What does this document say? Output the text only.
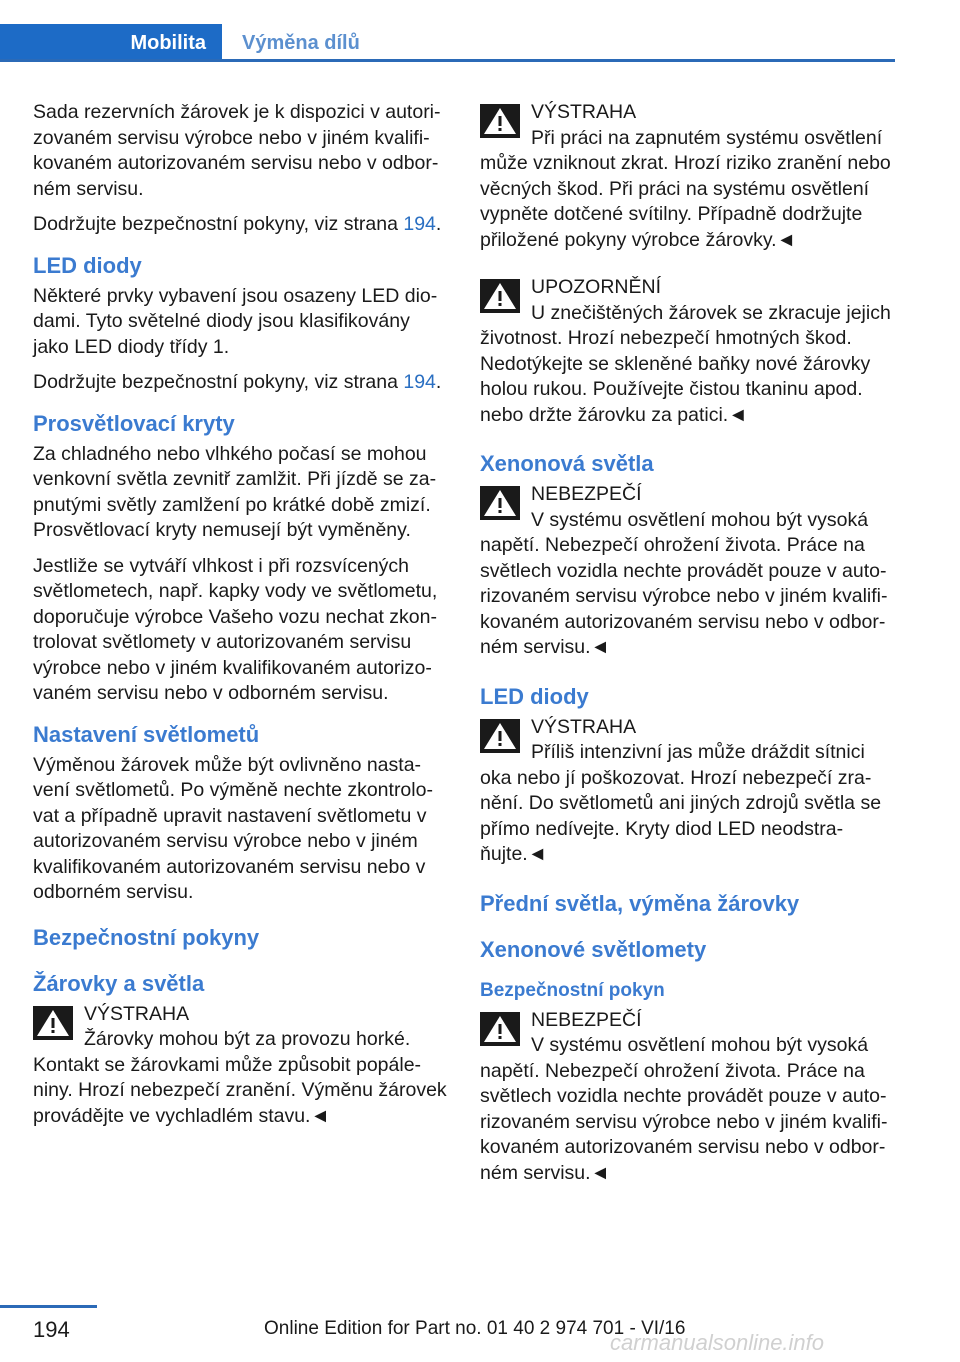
Mobilita Výměna dílů

Sada rezervních žárovek je k dispozici v autorizovaném servisu výrobce nebo v jiném kvalifikovaném autorizovaném servisu nebo v odborném servisu.

Dodržujte bezpečnostní pokyny, viz strana 194.

LED diody

Některé prvky vybavení jsou osazeny LED diodami. Tyto světelné diody jsou klasifikovány jako LED diody třídy 1.

Dodržujte bezpečnostní pokyny, viz strana 194.

Prosvětlovací kryty

Za chladného nebo vlhkého počasí se mohou venkovní světla zevnitř zamlžit. Při jízdě se zapnutými světly zamlžení po krátké době zmizí. Prosvětlovací kryty nemusejí být vyměněny.

Jestliže se vytváří vlhkost i při rozsvícených světlometech, např. kapky vody ve světlometu, doporučuje výrobce Vašeho vozu nechat zkontrolovat světlomety v autorizovaném servisu výrobce nebo v jiném kvalifikovaném autorizovaném servisu nebo v odborném servisu.

Nastavení světlometů

Výměnou žárovek může být ovlivněno nastavení světlometů. Po výměně nechte zkontrolovat a případně upravit nastavení světlometu v autorizovaném servisu výrobce nebo v jiném kvalifikovaném autorizovaném servisu nebo v odborném servisu.

Bezpečnostní pokyny
Žárovky a světla
VÝSTRAHA
Žárovky mohou být za provozu horké. Kontakt se žárovkami může způsobit popáleniny. Hrozí nebezpečí zranění. Výměnu žárovek provádějte ve vychladlém stavu.◄
VÝSTRAHA
Při práci na zapnutém systému osvětlení může vzniknout zkrat. Hrozí riziko zranění nebo věcných škod. Při práci na systému osvětlení vypněte dotčené svítilny. Případně dodržujte přiložené pokyny výrobce žárovky.◄
UPOZORNĚNÍ
U znečištěných žárovek se zkracuje jejich životnost. Hrozí nebezpečí hmotných škod. Nedotýkejte se skleněné baňky nové žárovky holou rukou. Používejte čistou tkaninu apod. nebo držte žárovku za patici.◄
Xenonová světla
NEBEZPEČÍ
V systému osvětlení mohou být vysoká napětí. Nebezpečí ohrožení života. Práce na světlech vozidla nechte provádět pouze v autorizovaném servisu výrobce nebo v jiném kvalifikovaném autorizovaném servisu nebo v odborném servisu.◄
LED diody
VÝSTRAHA
Příliš intenzivní jas může dráždit sítnici oka nebo jí poškozovat. Hrozí nebezpečí zranění. Do světlometů ani jiných zdrojů světla se přímo nedívejte. Kryty diod LED neodstraňujte.◄
Přední světla, výměna žárovky
Xenonové světlomety
Bezpečnostní pokyn
NEBEZPEČÍ
V systému osvětlení mohou být vysoká napětí. Nebezpečí ohrožení života. Práce na světlech vozidla nechte provádět pouze v autorizovaném servisu výrobce nebo v jiném kvalifikovaném autorizovaném servisu nebo v odborném servisu.◄
194	Online Edition for Part no. 01 40 2 974 701 - VI/16
carmanualsonline.info
